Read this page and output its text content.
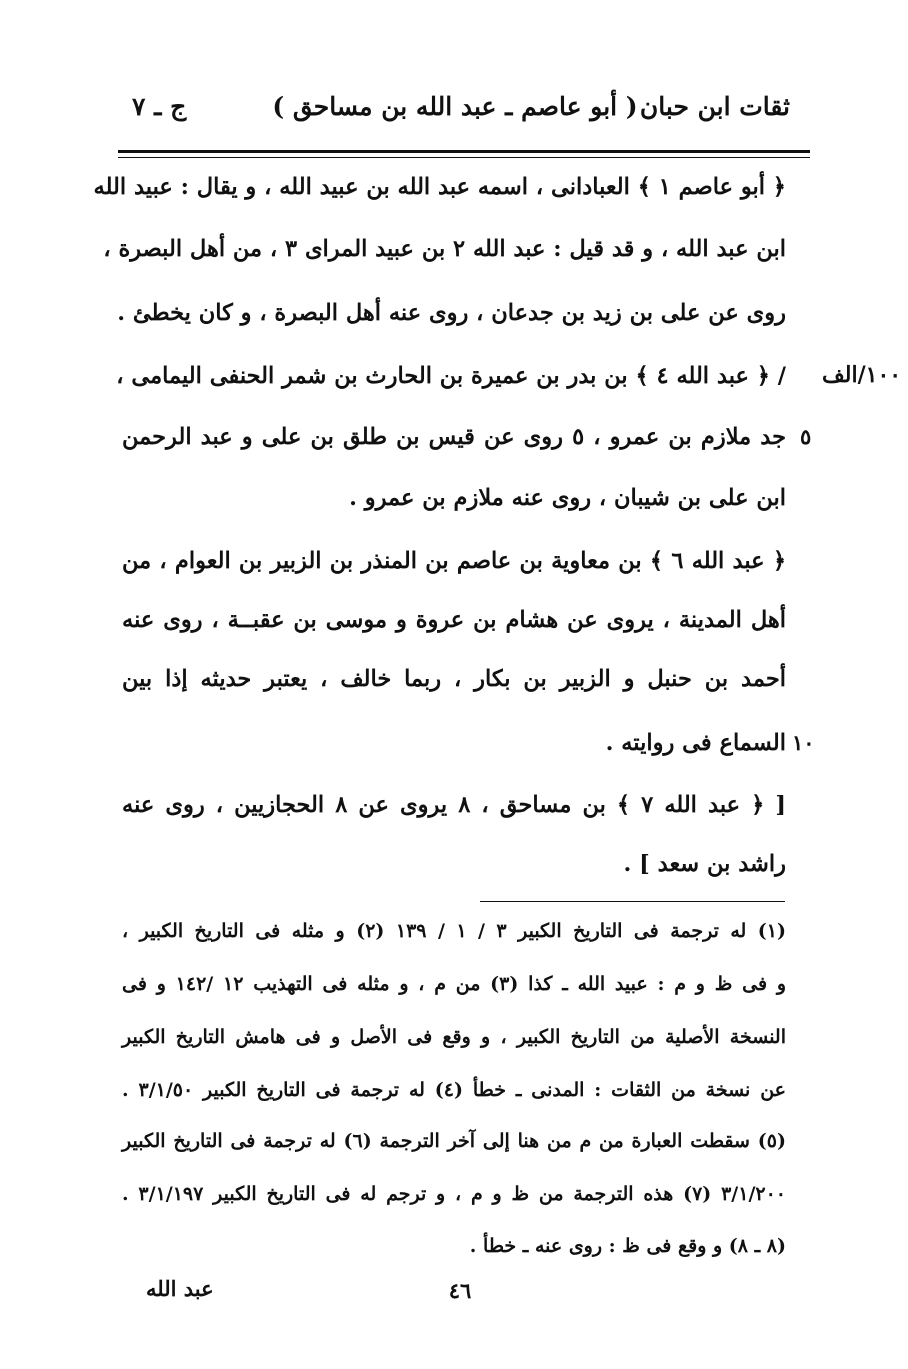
ثقات ابن حبان
( أبو عاصم ـ عبد الله بن مساحق )
ج ـ ٧
﴿ أبو عاصم ١ ﴾ العبادانى ، اسمه عبد الله بن عبيد الله ، و يقال : عبيد الله
ابن عبد الله ، و قد قيل : عبد الله ٢ بن عبيد المراى ٣ ، من أهل البصرة ،
روى عن على بن زيد بن جدعان ، روى عنه أهل البصرة ، و كان يخطئ .
/ ﴿ عبد الله ٤ ﴾ بن بدر بن عميرة بن الحارث بن شمر الحنفى اليمامى ،
جد ملازم بن عمرو ، ٥ روى عن قيس بن طلق بن على و عبد الرحمن
ابن على بن شيبان ، روى عنه ملازم بن عمرو .
﴿ عبد الله ٦ ﴾ بن معاوية بن عاصم بن المنذر بن الزبير بن العوام ، من
أهل المدينة ، يروى عن هشام بن عروة و موسى بن عقبــة ، روى عنه
أحمد بن حنبل و الزبير بن بكار ، ربما خالف ، يعتبر حديثه إذا بين
السماع فى روايته .
[ ﴿ عبد الله ٧ ﴾ بن مساحق ، ٨ يروى عن ٨ الحجازيين ، روى عنه
راشد بن سعد ] .
١٠٠/الف
٥
١٠
(١) له ترجمة فى التاريخ الكبير ٣ / ١ / ١٣٩ (٢) و مثله فى التاريخ الكبير ،
و فى ظ و م : عبيد الله ـ كذا (٣) من م ، و مثله فى التهذيب ١٢ /١٤٢ و فى
النسخة الأصلية من التاريخ الكبير ، و وقع فى الأصل و فى هامش التاريخ الكبير
عن نسخة من الثقات : المدنى ـ خطأ (٤) له ترجمة فى التاريخ الكبير ٣/١/٥٠ .
(٥) سقطت العبارة من م من هنا إلى آخر الترجمة (٦) له ترجمة فى التاريخ الكبير
٣/١/٢٠٠ (٧) هذه الترجمة من ظ و م ، و ترجم له فى التاريخ الكبير ٣/١/١٩٧ .
(٨ ـ ٨) و وقع فى ظ : روى عنه ـ خطأ .
٤٦
عبد الله
